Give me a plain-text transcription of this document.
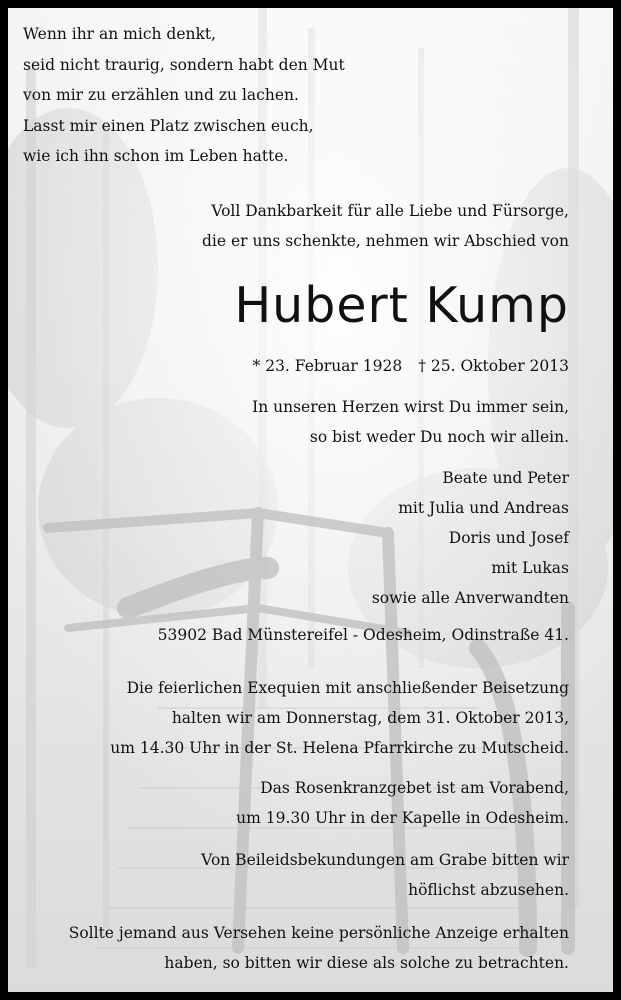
Wenn ihr an mich denkt,
seid nicht traurig, sondern habt den Mut
von mir zu erzählen und zu lachen.
Lasst mir einen Platz zwischen euch,
wie ich ihn schon im Leben hatte.
Voll Dankbarkeit für alle Liebe und Fürsorge,
die er uns schenkte, nehmen wir Abschied von
Hubert Kump
* 23. Februar 1928 † 25. Oktober 2013
In unseren Herzen wirst Du immer sein,
so bist weder Du noch wir allein.
Beate und Peter
mit Julia und Andreas
Doris und Josef
mit Lukas
sowie alle Anverwandten
53902 Bad Münstereifel - Odesheim, Odinstraße 41.
Die feierlichen Exequien mit anschließender Beisetzung
halten wir am Donnerstag, dem 31. Oktober 2013,
um 14.30 Uhr in der St. Helena Pfarrkirche zu Mutscheid.
Das Rosenkranzgebet ist am Vorabend,
um 19.30 Uhr in der Kapelle in Odesheim.
Von Beileidsbekundungen am Grabe bitten wir
höflichst abzusehen.
Sollte jemand aus Versehen keine persönliche Anzeige erhalten
haben, so bitten wir diese als solche zu betrachten.
